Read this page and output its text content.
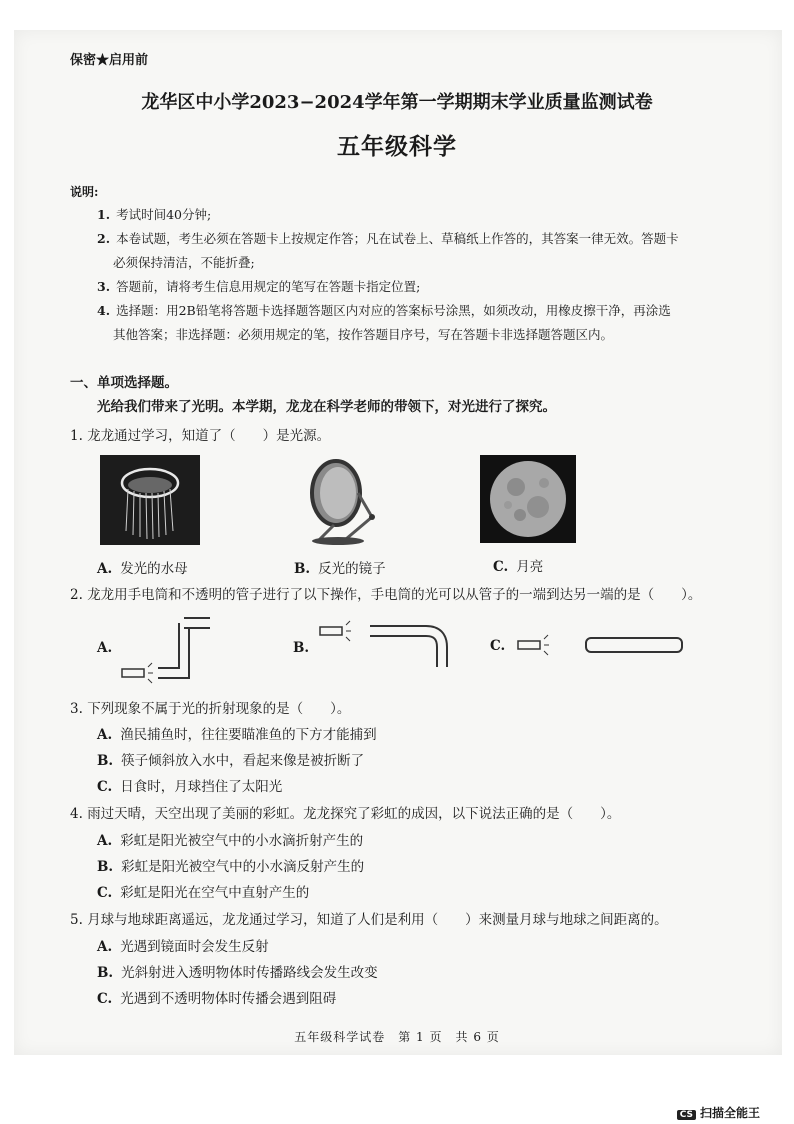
保密★启用前
龙华区中小学2023−2024学年第一学期期末学业质量监测试卷
五年级科学
说明:
1. 考试时间40分钟;
2. 本卷试题，考生必须在答题卡上按规定作答；凡在试卷上、草稿纸上作答的，其答案一律无效。答题卡
必须保持清洁，不能折叠;
3. 答题前，请将考生信息用规定的笔写在答题卡指定位置;
4. 选择题：用2B铅笔将答题卡选择题答题区内对应的答案标号涂黑，如须改动，用橡皮擦干净，再涂选
其他答案；非选择题：必须用规定的笔，按作答题目序号，写在答题卡非选择题答题区内。
一、单项选择题。
光给我们带来了光明。本学期，龙龙在科学老师的带领下，对光进行了探究。
1. 龙龙通过学习，知道了（　　）是光源。
A. 发光的水母	B. 反光的镜子	C. 月亮
2. 龙龙用手电筒和不透明的管子进行了以下操作，手电筒的光可以从管子的一端到达另一端的是（　　）。
A.	B.	C.
3. 下列现象不属于光的折射现象的是（　　）。
A. 渔民捕鱼时，往往要瞄准鱼的下方才能捕到
B. 筷子倾斜放入水中，看起来像是被折断了
C. 日食时，月球挡住了太阳光
4. 雨过天晴，天空出现了美丽的彩虹。龙龙探究了彩虹的成因，以下说法正确的是（　　）。
A. 彩虹是阳光被空气中的小水滴折射产生的
B. 彩虹是阳光被空气中的小水滴反射产生的
C. 彩虹是阳光在空气中直射产生的
5. 月球与地球距离遥远，龙龙通过学习，知道了人们是利用（　　）来测量月球与地球之间距离的。
A. 光遇到镜面时会发生反射
B. 光斜射进入透明物体时传播路线会发生改变
C. 光遇到不透明物体时传播会遇到阻碍
五年级科学试卷　第 1 页　共 6 页
CS 扫描全能王
